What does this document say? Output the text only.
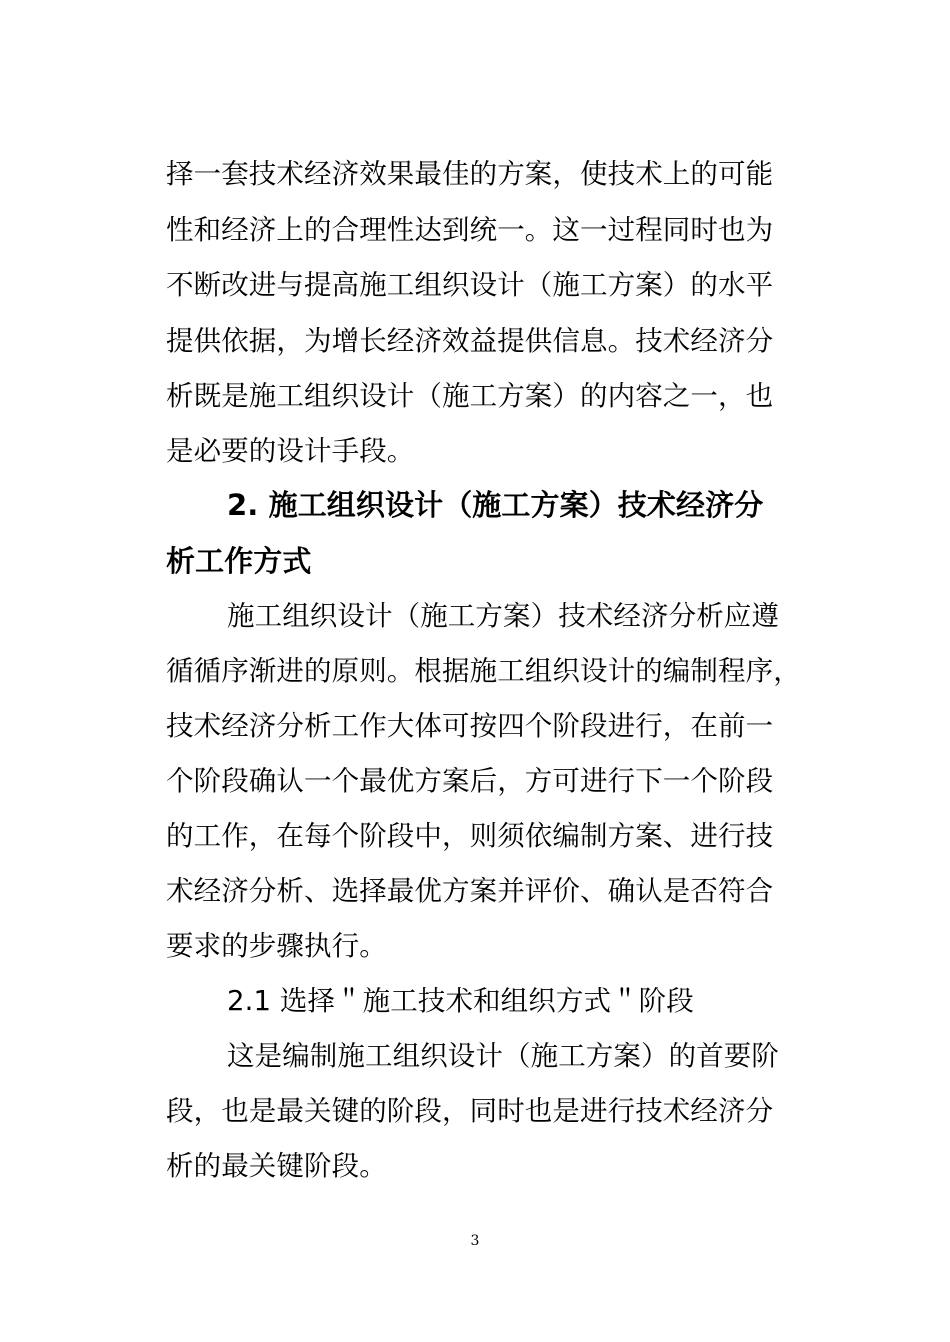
择一套技术经济效果最佳的方案，使技术上的可能
性和经济上的合理性达到统一。这一过程同时也为
不断改进与提高施工组织设计（施工方案）的水平
提供依据，为增长经济效益提供信息。技术经济分
析既是施工组织设计（施工方案）的内容之一，也
是必要的设计手段。
2. 施工组织设计（施工方案）技术经济分
析工作方式
施工组织设计（施工方案）技术经济分析应遵
循循序渐进的原则。根据施工组织设计的编制程序，
技术经济分析工作大体可按四个阶段进行，在前一
个阶段确认一个最优方案后，方可进行下一个阶段
的工作，在每个阶段中，则须依编制方案、进行技
术经济分析、选择最优方案并评价、确认是否符合
要求的步骤执行。
2.1 选择＂施工技术和组织方式＂阶段
这是编制施工组织设计（施工方案）的首要阶
段，也是最关键的阶段，同时也是进行技术经济分
析的最关键阶段。
3
